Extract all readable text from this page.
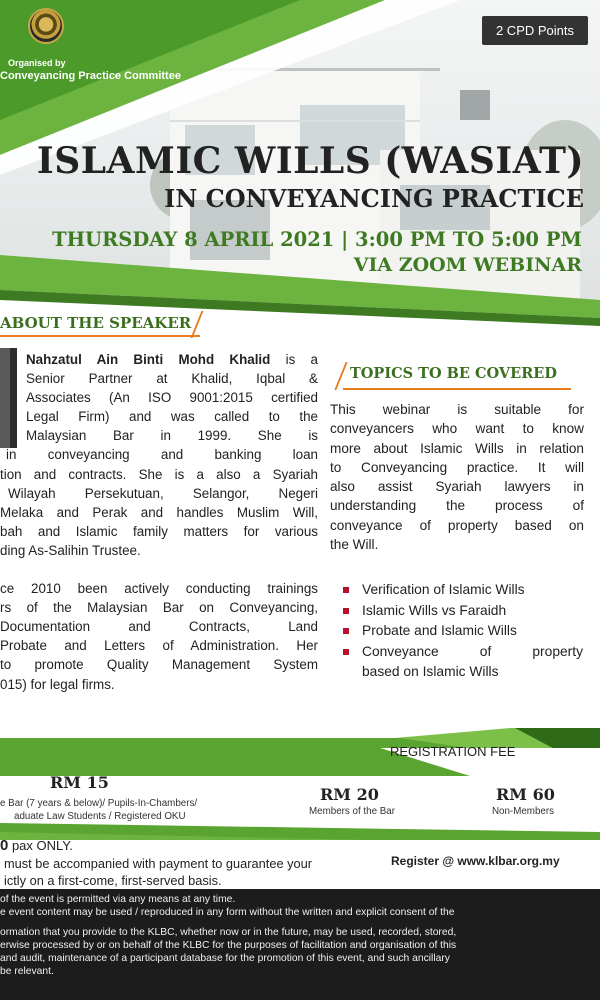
Organised by
Conveyancing Practice Committee
2 CPD Points
ISLAMIC WILLS (WASIAT)
IN CONVEYANCING PRACTICE
THURSDAY 8 APRIL 2021 | 3:00 PM TO 5:00 PM
VIA ZOOM WEBINAR
ABOUT THE SPEAKER
Nahzatul Ain Binti Mohd Khalid is a
Senior Partner at Khalid, Iqbal &
Associates (An ISO 9001:2015 certified
Legal Firm) and was called to the
Malaysian Bar in 1999. She is
in conveyancing and banking loan
tion and contracts. She is a also a Syariah
Wilayah Persekutuan, Selangor, Negeri
Melaka and Perak and handles Muslim Will,
bah and Islamic family matters for various
ding As-Salihin Trustee.
ce 2010 been actively conducting trainings
rs of the Malaysian Bar on Conveyancing,
Documentation and Contracts, Land
Probate and Letters of Administration. Her
to promote Quality Management System
015) for legal firms.
TOPICS TO BE COVERED
This webinar is suitable for
conveyancers who want to know
more about Islamic Wills in relation
to Conveyancing practice. It will
also assist Syariah lawyers in
understanding the process of
conveyance of property based on
the Will.
Verification of Islamic Wills
Islamic Wills vs Faraidh
Probate and Islamic Wills
Conveyance of property
based on Islamic Wills
REGISTRATION FEE
RM 15
e Bar (7 years & below)/ Pupils-In-Chambers/
aduate Law Students / Registered OKU
RM 20
Members of the Bar
RM 60
Non-Members
0 pax ONLY.
must be accompanied with payment to guarantee your
ictly on a first-come, first-served basis.
Register @ www.klbar.org.my

of the event is permitted via any means at any time.

e event content may be used / reproduced in any form without the written and explicit consent of the

ormation that you provide to the KLBC, whether now or in the future, may be used, recorded, stored,

erwise processed by or on behalf of the KLBC for the purposes of facilitation and organisation of this

and audit, maintenance of a participant database for the promotion of this event, and such ancillary

be relevant.
